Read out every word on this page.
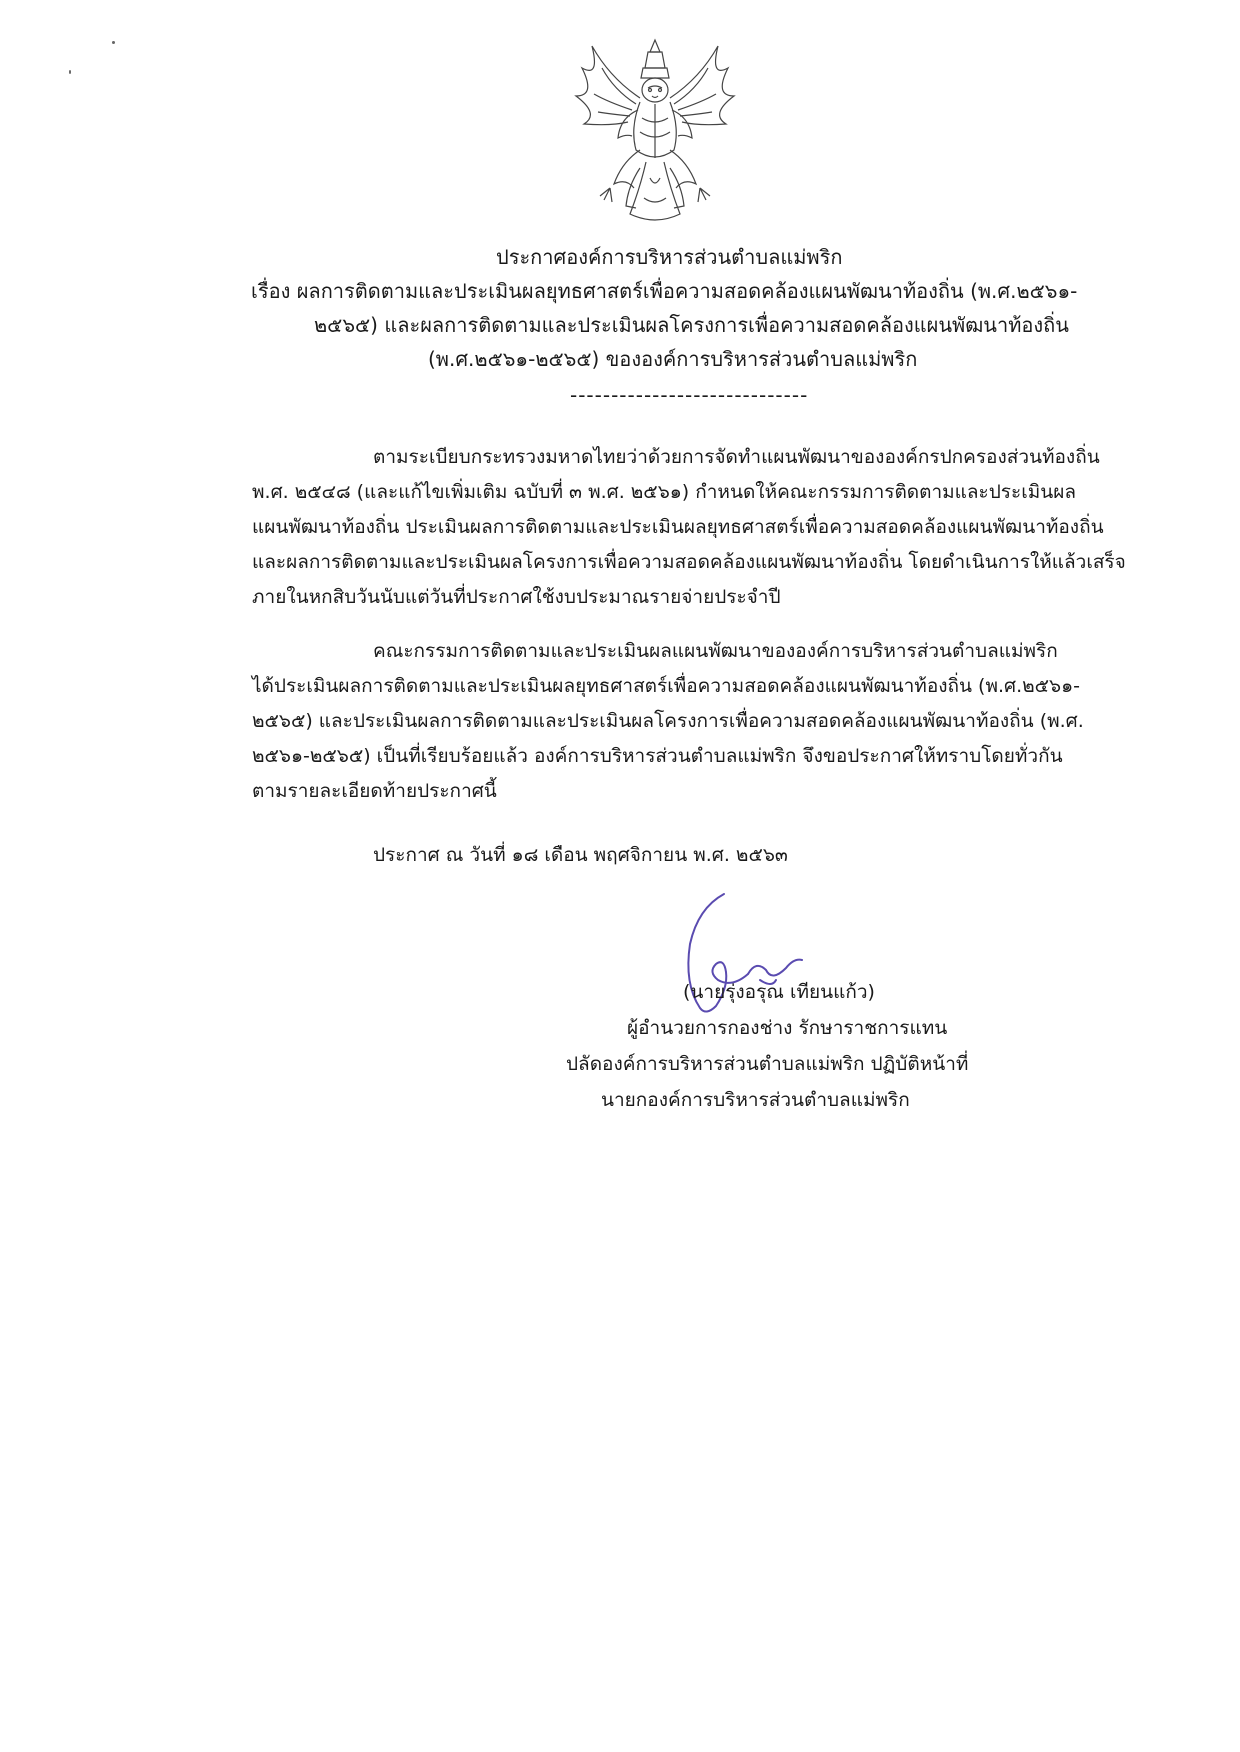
ประกาศองค์การบริหารส่วนตำบลแม่พริก
เรื่อง ผลการติดตามและประเมินผลยุทธศาสตร์เพื่อความสอดคล้องแผนพัฒนาท้องถิ่น (พ.ศ.๒๕๖๑-
๒๕๖๕) และผลการติดตามและประเมินผลโครงการเพื่อความสอดคล้องแผนพัฒนาท้องถิ่น
(พ.ศ.๒๕๖๑-๒๕๖๕) ขององค์การบริหารส่วนตำบลแม่พริก
-----------------------------
ตามระเบียบกระทรวงมหาดไทยว่าด้วยการจัดทำแผนพัฒนาขององค์กรปกครองส่วนท้องถิ่น
พ.ศ. ๒๕๔๘ (และแก้ไขเพิ่มเติม ฉบับที่ ๓ พ.ศ. ๒๕๖๑) กำหนดให้คณะกรรมการติดตามและประเมินผล
แผนพัฒนาท้องถิ่น ประเมินผลการติดตามและประเมินผลยุทธศาสตร์เพื่อความสอดคล้องแผนพัฒนาท้องถิ่น
และผลการติดตามและประเมินผลโครงการเพื่อความสอดคล้องแผนพัฒนาท้องถิ่น โดยดำเนินการให้แล้วเสร็จ
ภายในหกสิบวันนับแต่วันที่ประกาศใช้งบประมาณรายจ่ายประจำปี
คณะกรรมการติดตามและประเมินผลแผนพัฒนาขององค์การบริหารส่วนตำบลแม่พริก
ได้ประเมินผลการติดตามและประเมินผลยุทธศาสตร์เพื่อความสอดคล้องแผนพัฒนาท้องถิ่น (พ.ศ.๒๕๖๑-
๒๕๖๕) และประเมินผลการติดตามและประเมินผลโครงการเพื่อความสอดคล้องแผนพัฒนาท้องถิ่น (พ.ศ.
๒๕๖๑-๒๕๖๕) เป็นที่เรียบร้อยแล้ว องค์การบริหารส่วนตำบลแม่พริก จึงขอประกาศให้ทราบโดยทั่วกัน
ตามรายละเอียดท้ายประกาศนี้
ประกาศ ณ วันที่ ๑๘ เดือน พฤศจิกายน พ.ศ. ๒๕๖๓
(นายรุ่งอรุณ เทียนแก้ว)
ผู้อำนวยการกองช่าง รักษาราชการแทน
ปลัดองค์การบริหารส่วนตำบลแม่พริก ปฏิบัติหน้าที่
นายกองค์การบริหารส่วนตำบลแม่พริก
